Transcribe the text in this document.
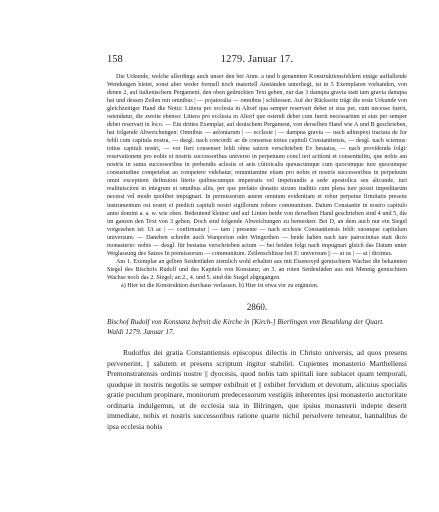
158	1279. Januar 17.

Die Urkunde, welche allerdings auch unser den bei Anm. a und b genannten Konstruktionsfehlern einige auffallende Wendungen bietet, sonst aber weder formell noch materiell Anständen unterliegt, ist in 5 Exemplaren vorhanden, von denen 2, auf italienischem Pergament, den oben gedruckten Text geben, zur das 3 damqna gravia statt tam gravia damqna hat und dessen Zeilen mit omnibus | — pojatoralia — omnibus | schliessen. Auf der Rückseite trägt die erste Urkunde von gleichzeitiger Hand die Notiz: Littera pro ecclesia in Altorf qua semper reservari debet et sius per, cum necesse fuerit, ostendatur, die zweite ebenso: Littera pro ecclesia in Altorf que ostendi debet cum fuerit necessarium et sius per semper debet reservari in loco. — Ein drittes Exemplar, auf deutschem Pergament, von derselben Hand wie A und B geschrieben, hat folgende Abweichungen: Omnibus — aeloniarum | — ecclesie | — dampna gravia — nach adinspexi tractata de Ior fehlt cum capitula nostra, — dsegl. nach concordi: ac de consensu totius capituli Constantiensis, — desgl. nach sciemus: totius capituli nostri, — vor fieri consenser fehlt ohne satzon verschrieben Ev bestatus, — nach providenda folgt: reservationem pro nobis et nostris successoribus universo in perpetuum concl ieri actiioni et consenttelitu, que nobis am nostris in suma successoribus in prebendis aclesiis et aeis cûitoicalis quouscumque cum quocumque iure quocumque consuetudine competebat ao competere videbatur, renuntiamine etiam pro nobis et nostris successoribus in perpetuum omni exceptioni definsioni literis quibuscumque impetratis vel impetrandis a sede apostolica seu alicunde, iuri realituiscioni in integrum et omnibus aliis, per que prefatio donatio sicuno traditio cum plena iure possit impeditarum necessi vel modo quolibet impugnari. In premissorum autem omnium evidentiam et robur perpetue firmitatis presens instrumentum ost nostri et predicti capituli nostri sigillorum robore communitum. Datum Constantie in nostro capitulo anno domini a. a. w. wie oben. Bedeutend kleiner und auf Linien beide von derselben Hand geschrieben sind 4 und 5, die im ganzen den Text von 3 geben. Doch sind folgende Abweichungen zu bemerken: Bei D, an dem auch nur ein Siegel vorgesehen ist: Ut ac | — confirmatur | — tam | presente — nach ecclesie Constantiensis fehlt: suomque capitulum universum. — Daneben schreibt auch Wanporion oder Wingerthen — beide haben nach tare patrocinitas statt dicto monasterio: nobis — desgl. für bestatus verschrieben actum — bei beiden folgt nach impugnari gleich das Datum unter Weglassung des Satzes In premissorum — communitum. Zeilenschlüsse bei E: universum || — at us | — at | dicimus.

Am 1. Exemplar an gelben Seidenfäden ziemlich wohl erhalten aus mit Eisenoxyd gemischtem Wachse die bekannten Siegel des Bischofs Rudolf und des Kapitels von Konstanz; an 3. an roten Seidenfäden aus mit Mennig gemischtem Wachse noch das 2. Siegel; an 2., 4. und 5. sind die Siegel abgegangen.

a) Hier ist die Konstruktion durchaus verlassen. b) Hier ist etwa vor zu ergänzen.
2860.
Bischof Rudolf von Konstanz befreit die Kirche in [Kirch-] Bierlingen von Besahlung der Quart.
Waldi 1279. Januar 17.

Rudolfus dei gratia Constantiensis episcopus dilectis in Christo universis, ad quos presens pervenerint, || salutem et presens scriptum ingitur stabiliri. Cupientes monasterio Marthellensi Premonstratensis ordinis nostre || dyocesis, quod nobis tam spiritali iure subiacet quam temporali, quodque in nostris negotiis se semper exhibuit et || exhibet fervidum et devotum, alicuius specialis gratie poculum propinare, monitorum predecessorum vestigiis inherentes ipsi monasterio auctoritate ordinaria indulgemus, ut de ecclesia sua in Bilringen, que ipsius monasterii indepte deserit immediate, nobis et nostris successoribus ratione quarte nichil persolvere teneatur, hannalibus de ipsa ecclesia nobis
